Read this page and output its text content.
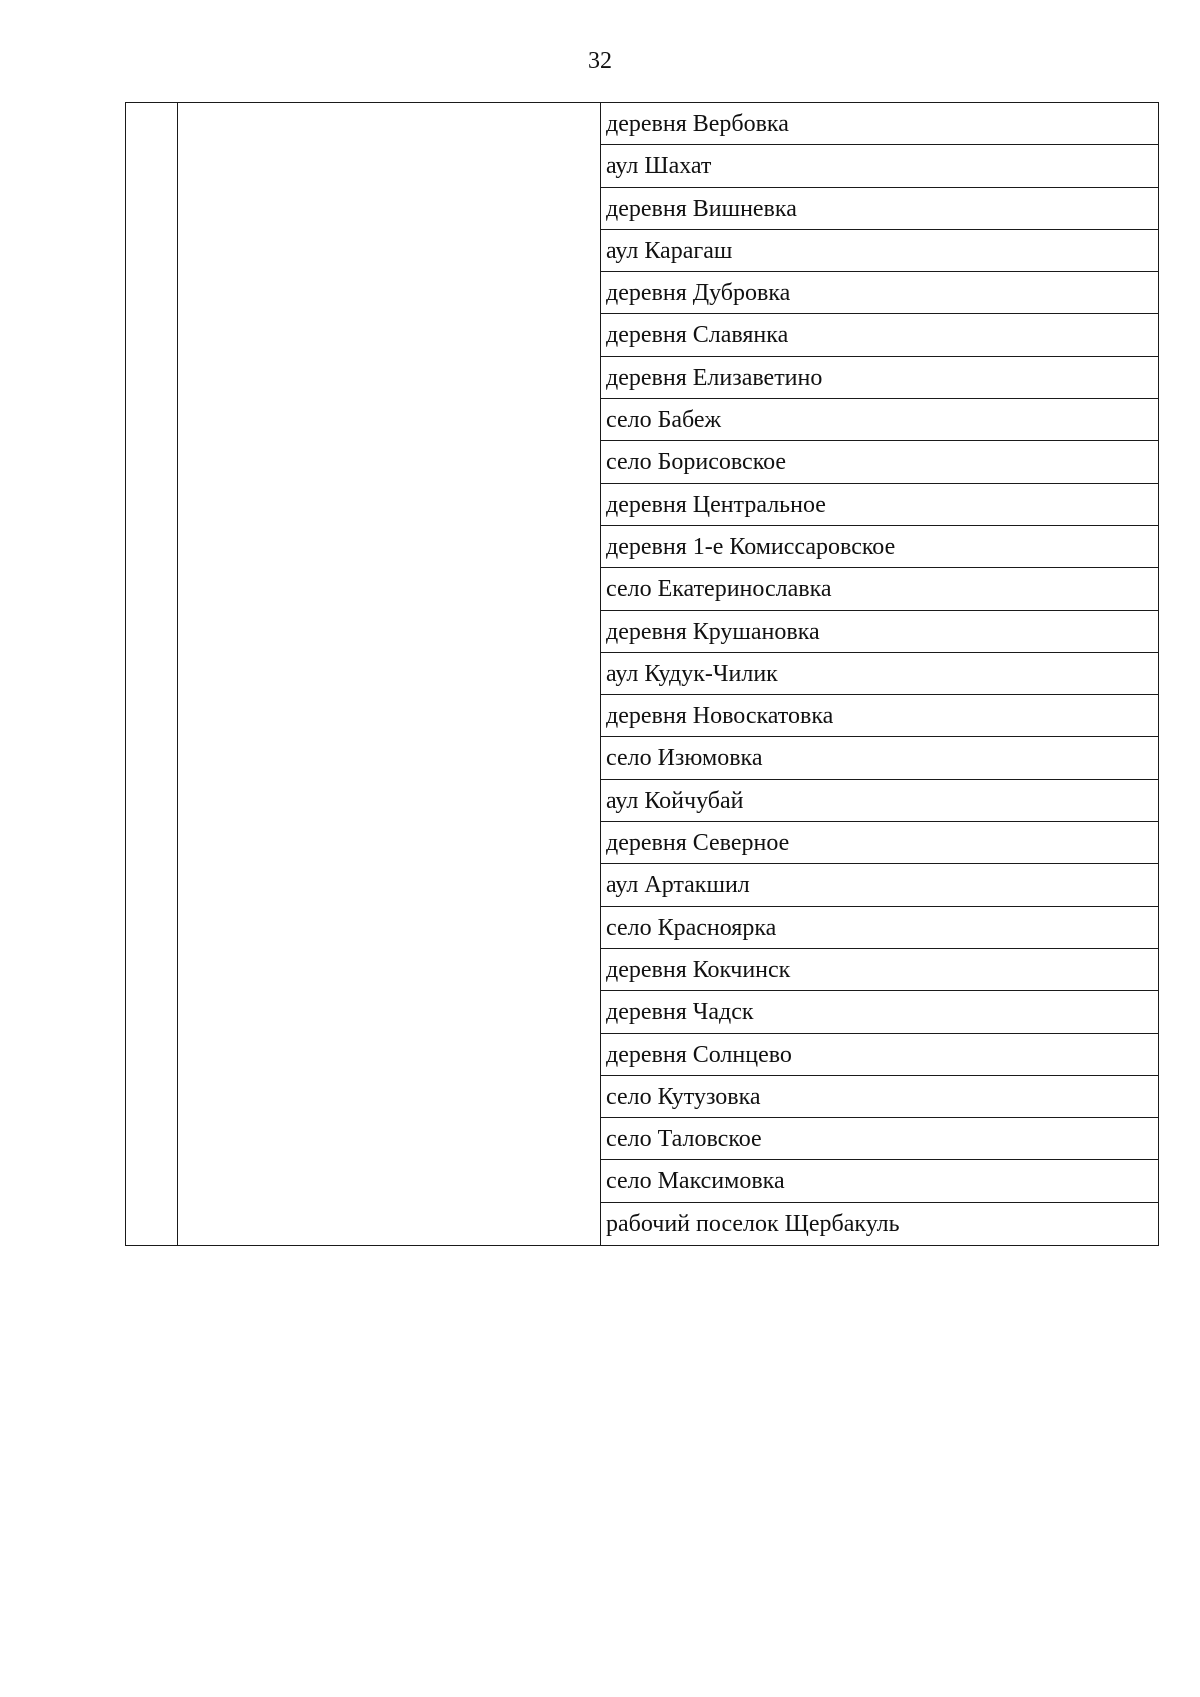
32

деревня Вербовка
аул Шахат
деревня Вишневка
аул Карагаш
деревня Дубровка
деревня Славянка
деревня Елизаветино
село Бабеж
село Борисовское
деревня Центральное
деревня 1-е Комиссаровское
село Екатеринославка
деревня Крушановка
аул Кудук-Чилик
деревня Новоскатовка
село Изюмовка
аул Койчубай
деревня Северное
аул Артакшил
село Красноярка
деревня Кокчинск
деревня Чадск
деревня Солнцево
село Кутузовка
село Таловское
село Максимовка
рабочий поселок Щербакуль
